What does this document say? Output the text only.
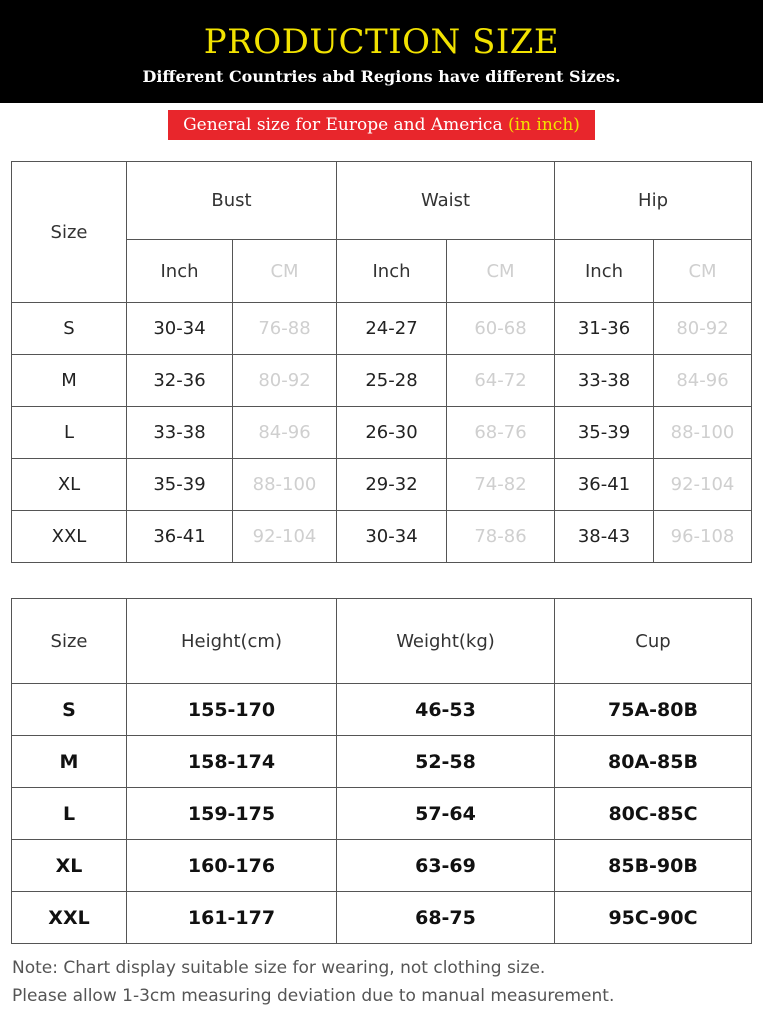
PRODUCTION SIZE
Different Countries abd Regions have different Sizes.
General size for Europe and America (in inch)
Size	Bust		Waist		Hip	
	Inch	CM	Inch	CM	Inch	CM
S	30-34	76-88	24-27	60-68	31-36	80-92
M	32-36	80-92	25-28	64-72	33-38	84-96
L	33-38	84-96	26-30	68-76	35-39	88-100
XL	35-39	88-100	29-32	74-82	36-41	92-104
XXL	36-41	92-104	30-34	78-86	38-43	96-108
Size	Height(cm)	Weight(kg)	Cup
S	155-170	46-53	75A-80B
M	158-174	52-58	80A-85B
L	159-175	57-64	80C-85C
XL	160-176	63-69	85B-90B
XXL	161-177	68-75	95C-90C
Note: Chart display suitable size for wearing, not clothing size.
Please allow 1-3cm measuring deviation due to manual measurement.
